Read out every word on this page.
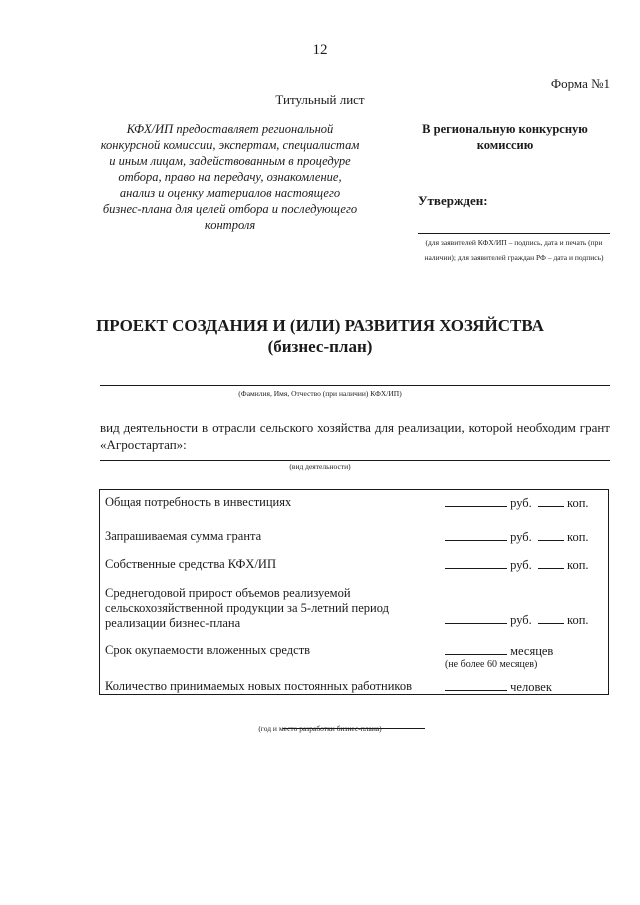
12
Форма №1
Титульный лист
КФХ/ИП предоставляет региональной конкурсной комиссии, экспертам, специалистам и иным лицам, задействованным в процедуре отбора, право на передачу, ознакомление, анализ и оценку материалов настоящего бизнес-плана для целей отбора и последующего контроля
В региональную конкурсную комиссию
Утвержден:
(для заявителей КФХ/ИП – подпись, дата и печать (при наличии); для заявителей граждан РФ – дата и подпись)
ПРОЕКТ СОЗДАНИЯ И (ИЛИ) РАЗВИТИЯ ХОЗЯЙСТВА
(бизнес-план)
(Фамилия, Имя, Отчество (при наличии) КФХ/ИП)
вид деятельности в отрасли сельского хозяйства для реализации, которой необходим грант «Агростартап»:
(вид деятельности)
Общая потребность в инвестициях	руб.	коп.
Запрашиваемая сумма гранта	руб.	коп.
Собственные средства КФХ/ИП	руб.	коп.
Среднегодовой прирост объемов реализуемой сельскохозяйственной продукции за 5-летний период реализации бизнес-плана	руб.	коп.
Срок окупаемости вложенных средств	месяцев
(не более 60 месяцев)
Количество принимаемых новых постоянных работников	человек
(год и место разработки бизнес-плана)
